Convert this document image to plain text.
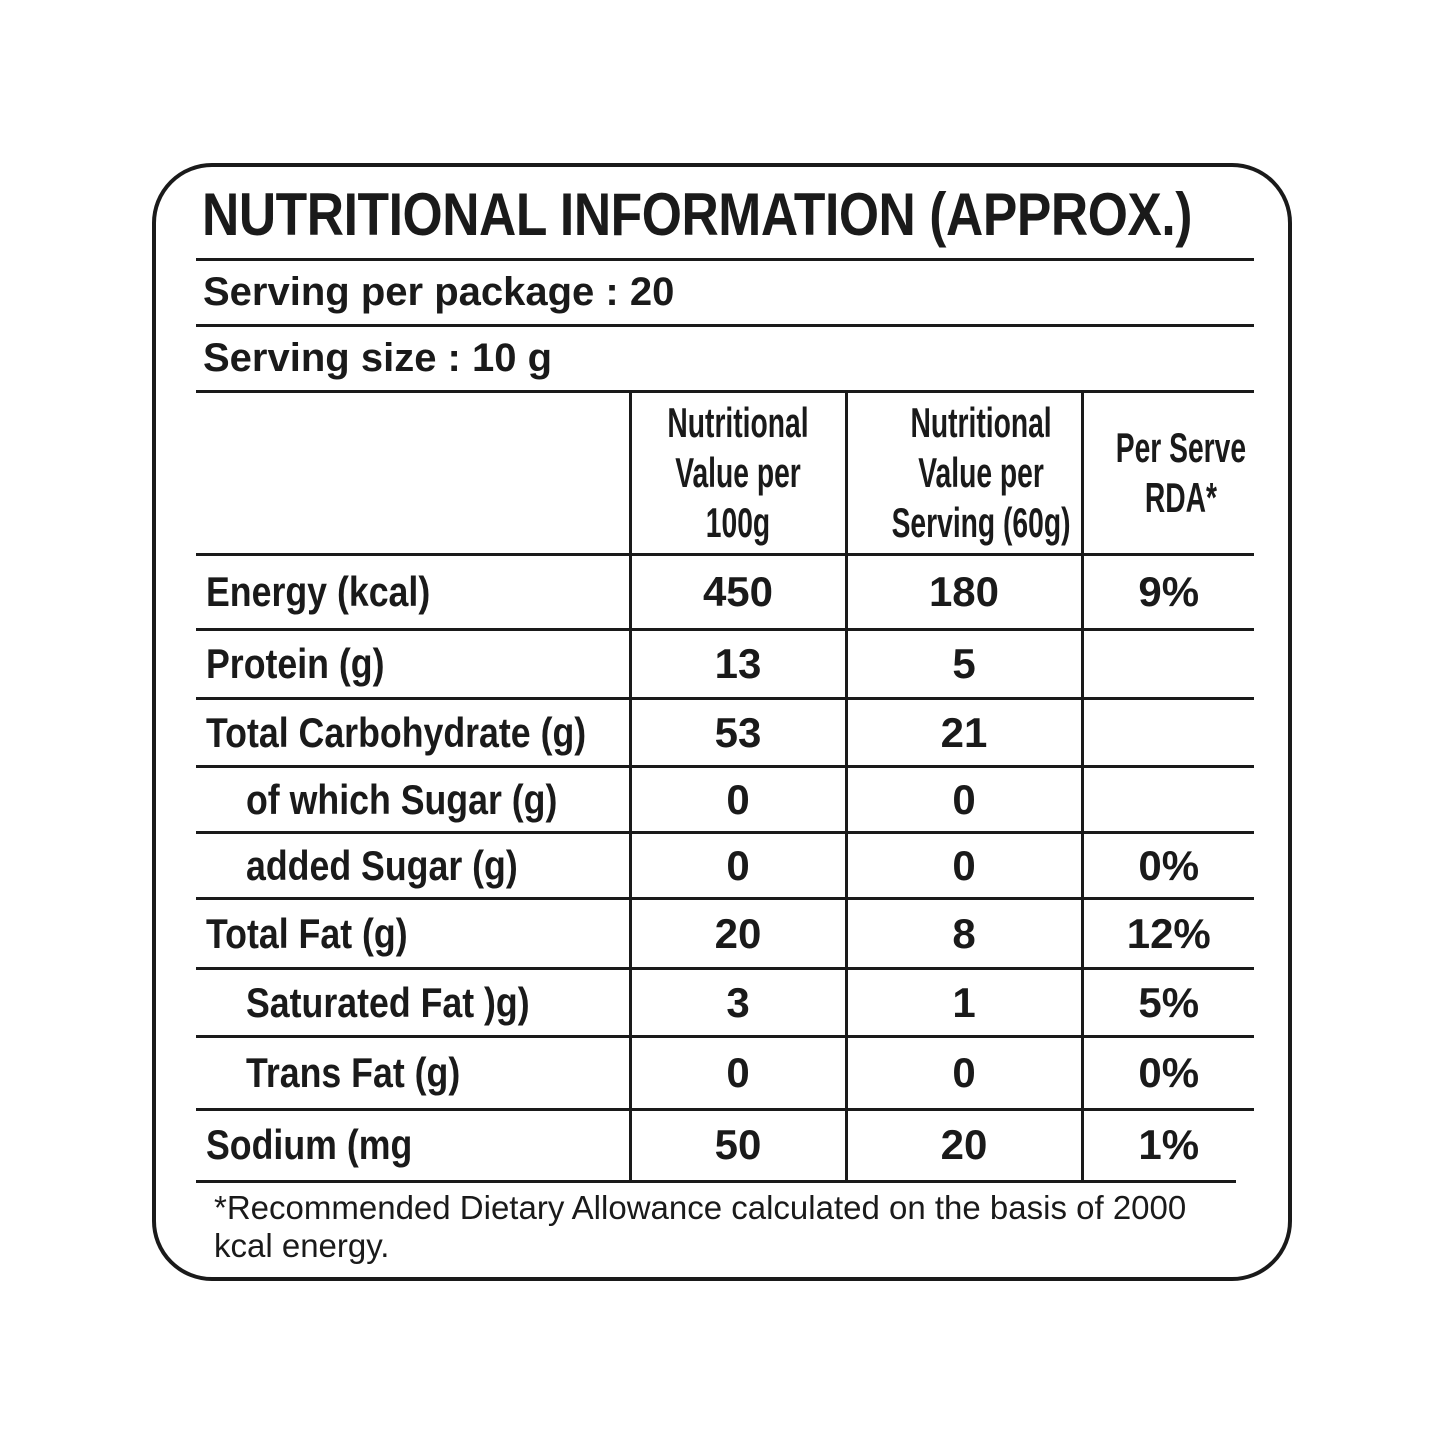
NUTRITIONAL INFORMATION (APPROX.)
Serving per package : 20
Serving size : 10 g

	Nutritional
Value per
100g	Nutritional
Value per
Serving (60g)	Per Serve
RDA*

Energy (kcal)	450	180	9%
Protein (g)	13	5	
Total Carbohydrate (g)	53	21	
of which Sugar (g)	0	0	
added Sugar (g)	0	0	0%
Total Fat (g)	20	8	12%
Saturated Fat )g)	3	1	5%
Trans Fat (g)	0	0	0%
Sodium (mg	50	20	1%
*Recommended Dietary Allowance calculated on the basis of 2000 kcal energy.
